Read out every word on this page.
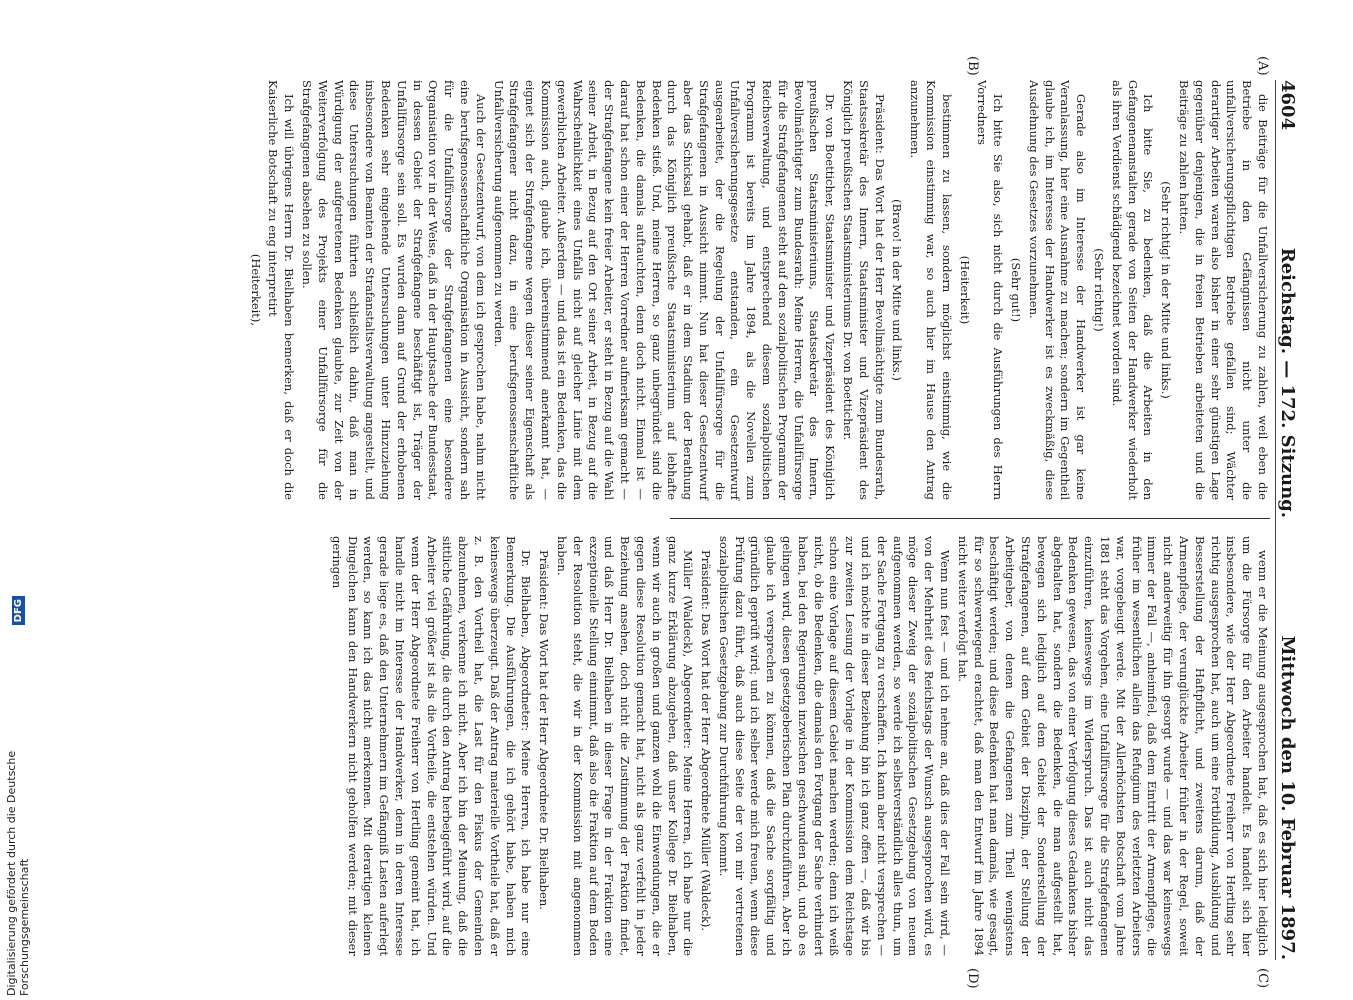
4604
Reichstag. — 172. Sitzung.
Mittwoch den 10. Februar 1897.
(A)
(B)
(C)
(D)

die Beiträge für die Unfallversicherung zu zahlen, weil eben die Betriebe in den Gefängnissen nicht unter die unfallversicherungspflichtigen Betriebe gefallen sind; Wächter derartiger Arbeiten waren also bisher in einer sehr günstigen Lage gegenüber denjenigen, die in freien Betrieben arbeiteten und die Beiträge zu zahlen hatten.

(Sehr richtig! in der Mitte und links.)

Ich bitte Sie, zu bedenken, daß die Arbeiten in den Gefangenenanstalten gerade von Seiten der Handwerker wiederholt als ihren Verdienst schädigend bezeichnet worden sind.

(Sehr richtig!)

Gerade also im Interesse der Handwerker ist gar keine Veranlassung, hier eine Ausnahme zu machen; sondern im Gegentheil glaube ich, im Interesse der Handwerker ist es zweckmäßig, diese Ausdehnung des Gesetzes vorzunehmen.

(Sehr gut!)

Ich bitte Sie also, sich nicht durch die Ausführungen des Herrn Vorredners

(Heiterkeit)

bestimmen zu lassen, sondern möglichst einstimmig, wie die Kommission einstimmig war, so auch hier im Hause den Antrag anzunehmen.

(Bravo! in der Mitte und links.)

Präsident: Das Wort hat der Herr Bevollmächtigte zum Bundesrath, Staatssekretär des Innern, Staatsminister und Vizepräsident des Königlich preußischen Staatsministeriums Dr. von Boetticher.

Dr. von Boetticher, Staatsminister und Vizepräsident des Königlich preußischen Staatsministeriums, Staatssekretär des Innern, Bevollmächtigter zum Bundesrath: Meine Herren, die Unfallfürsorge für die Strafgefangenen steht auf dem sozialpolitischen Programm der Reichsverwaltung, und entsprechend diesem sozialpolitischen Programm ist bereits im Jahre 1894, als die Novellen zum Unfallversicherungsgesetze entstanden, ein Gesetzentwurf ausgearbeitet, der die Regelung der Unfallfürsorge für die Strafgefangenen in Aussicht nimmt. Nun hat dieser Gesetzentwurf aber das Schicksal gehabt, daß er in dem Stadium der Berathung durch das Königlich preußische Staatsministerium auf lebhafte Bedenken stieß. Und, meine Herren, so ganz unbegründet sind die Bedenken, die damals auftauchten, denn doch nicht. Einmal ist — darauf hat schon einer der Herren Vorredner aufmerksam gemacht — der Strafgefangene kein freier Arbeiter, er steht in Bezug auf die Wahl seiner Arbeit, in Bezug auf den Ort seiner Arbeit, in Bezug auf die Wahrscheinlichkeit eines Unfalls nicht auf gleicher Linie mit dem gewerblichen Arbeiter. Außerdem — und das ist ein Bedenken, das die Kommission auch, glaube ich, übereinstimmend anerkannt hat, — eignet sich der Strafgefangene wegen dieser seiner Eigenschaft als Strafgefangener nicht dazu, in eine berufsgenossenschaftliche Unfallversicherung aufgenommen zu werden.

Auch der Gesetzentwurf, von dem ich gesprochen habe, nahm nicht eine berufsgenossenschaftliche Organisation in Aussicht, sondern sah für die Unfallfürsorge der Strafgefangenen eine besondere Organisation vor in der Weise, daß in der Hauptsache der Bundesstaat, in dessen Gebiet der Strafgefangene beschäftigt ist, Träger der Unfallfürsorge sein soll. Es wurden dann auf Grund der erhobenen Bedenken sehr eingehende Untersuchungen unter Hinzuziehung insbesondere von Beamten der Strafanstaltsverwaltung angestellt, und diese Untersuchungen führten schließlich dahin, daß man in Würdigung der aufgetretenen Bedenken glaubte, zur Zeit von der Weiterverfolgung des Projekts einer Unfallfürsorge für die Strafgefangenen absehen zu sollen.

Ich will übrigens Herrn Dr. Bielhaben bemerken, daß er doch die Kaiserliche Botschaft zu eng interpretirt

(Heiterkeit),

wenn er die Meinung ausgesprochen hat, daß es sich hier lediglich um die Fürsorge für den Arbeiter handelt. Es handelt sich hier insbesondere, wie der Herr Abgeordnete Freiherr von Hertling sehr richtig ausgesprochen hat, auch um eine Fortbildung, Ausbildung und Besserstellung der Haftpflicht, und zweitens darum, daß der Armenpflege, der verunglückte Arbeiter früher in der Regel, soweit nicht anderweitig für ihn gesorgt wurde — und das war keineswegs immer der Fall —, anheimfiel, daß dem Eintritt der Armenpflege, die früher im wesentlichen allein das Refugium des verletzten Arbeiters war, vorgebeugt werde. Mit der Allerhöchsten Botschaft vom Jahre 1881 steht das Vorgehen, eine Unfallfürsorge für die Strafgefangenen einzuführen, keineswegs im Widerspruch. Das ist auch nicht das Bedenken gewesen, das von einer Verfolgung dieses Gedankens bisher abgehalten hat, sondern die Bedenken, die man aufgestellt hat, bewegen sich lediglich auf dem Gebiet der Sonderstellung der Strafgefangenen, auf dem Gebiet der Disziplin, der Stellung der Arbeitgeber, von denen die Gefangenen zum Theil wenigstens beschäftigt werden; und diese Bedenken hat man damals, wie gesagt, für so schwerwiegend erachtet, daß man den Entwurf im Jahre 1894 nicht weiter verfolgt hat.

Wenn nun fest — und ich nehme an, daß dies der Fall sein wird, — von der Mehrheit des Reichstags der Wunsch ausgesprochen wird, es möge dieser Zweig der sozialpolitischen Gesetzgebung von neuem aufgenommen werden, so werde ich selbstverständlich alles thun, um der Sache Fortgang zu verschaffen. Ich kann aber nicht versprechen — und ich möchte in dieser Beziehung bin ich ganz offen —, daß wir bis zur zweiten Lesung der Vorlage in der Kommission dem Reichstage schon eine Vorlage auf diesem Gebiet machen werden; denn ich weiß nicht, ob die Bedenken, die damals den Fortgang der Sache verhindert haben, bei den Regierungen inzwischen geschwunden sind, und ob es gelingen wird, diesen gesetzgeberischen Plan durchzuführen. Aber ich glaube ich versprechen zu können, daß die Sache sorgfältig und gründlich geprüft wird; und ich selber werde mich freuen, wenn diese Prüfung dazu führt, daß auch diese Seite der von mir vertretenen sozialpolitischen Gesetzgebung zur Durchführung kommt.

Präsident: Das Wort hat der Herr Abgeordnete Müller (Waldeck).

Müller (Waldeck), Abgeordneter: Meine Herren, ich habe nur die ganz kurze Erklärung abzugeben, daß unser Kollege Dr. Bielhaben, wenn wir auch in großen und ganzen wohl die Einwendungen, die er gegen diese Resolution gemacht hat, nicht als ganz verfehlt in jeder Beziehung ansehen, doch nicht die Zustimmung der Fraktion findet, und daß Herr Dr. Bielhaben in dieser Frage in der Fraktion eine exzeptionelle Stellung einnimmt, daß also die Fraktion auf dem Boden der Resolution steht, die wir in der Kommission mit angenommen haben.

Präsident: Das Wort hat der Herr Abgeordnete Dr. Bielhaben.

Dr. Bielhaben, Abgeordneter: Meine Herren, ich habe nur eine Bemerkung. Die Ausführungen, die ich gehört habe, haben mich keineswegs überzeugt. Daß der Antrag materielle Vortheile hat, daß er z. B. den Vortheil hat, die Last für den Fiskus der Gemeinden abzunehmen, verkenne ich nicht. Aber ich bin der Meinung, daß die sittliche Gefährdung, die durch den Antrag herbeigeführt wird, auf die Arbeiter viel größer ist als die Vortheile, die entstehen würden. Und wenn der Herr Abgeordnete Freiherr von Hertling gemeint hat, ich handle nicht im Interesse der Handwerker, denn in deren Interesse gerade liege es, daß den Unternehmern im Gefängniß Lasten auferlegt werden, so kann ich das nicht anerkennen. Mit derartigen kleinen Dingelchen kann den Handwerkern nicht geholfen werden; mit dieser geringen

Digitalisierung gefördert durch die Deutsche Forschungsgemeinschaft
DFG
